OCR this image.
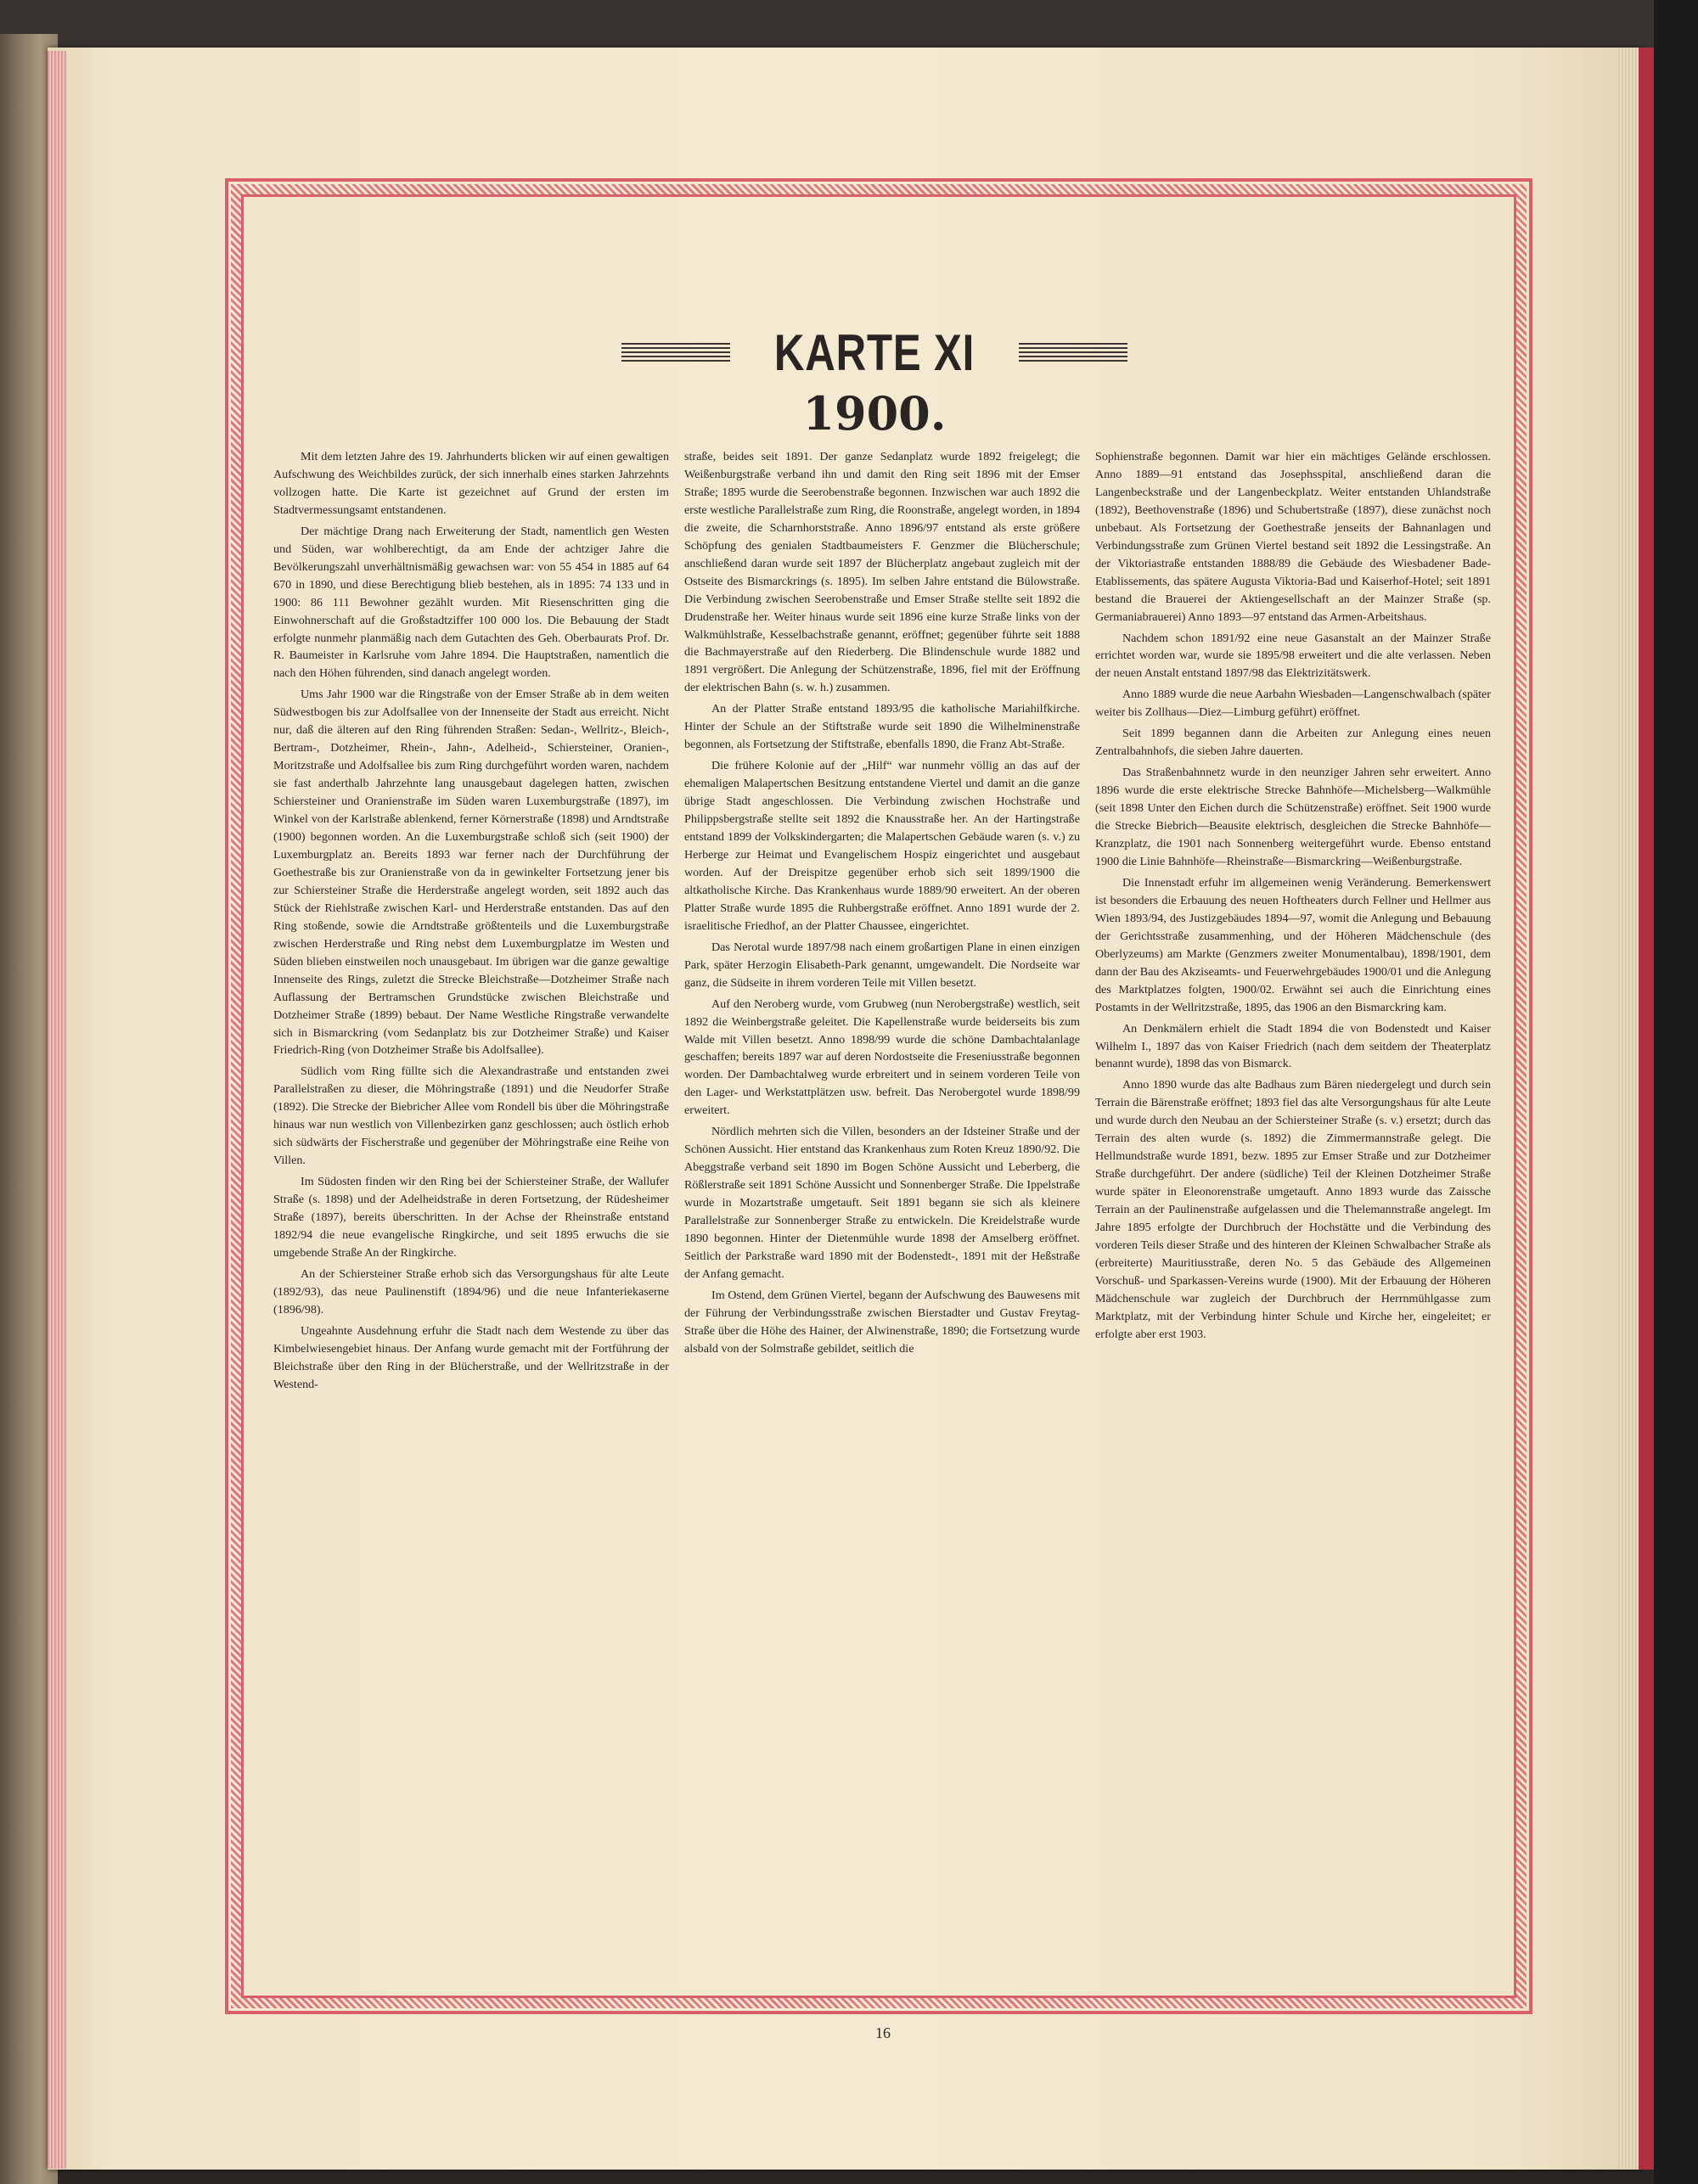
KARTE XI
1900.

Mit dem letzten Jahre des 19. Jahrhunderts blicken wir auf einen gewaltigen Aufschwung des Weichbildes zurück, der sich innerhalb eines starken Jahrzehnts vollzogen hatte. Die Karte ist gezeichnet auf Grund der ersten im Stadtvermessungsamt entstandenen.

Der mächtige Drang nach Erweiterung der Stadt, namentlich gen Westen und Süden, war wohlberechtigt, da am Ende der achtziger Jahre die Bevölkerungszahl unverhältnismäßig gewachsen war: von 55 454 in 1885 auf 64 670 in 1890, und diese Berechtigung blieb bestehen, als in 1895: 74 133 und in 1900: 86 111 Bewohner gezählt wurden. Mit Riesenschritten ging die Einwohnerschaft auf die Großstadtziffer 100 000 los. Die Bebauung der Stadt erfolgte nunmehr planmäßig nach dem Gutachten des Geh. Oberbaurats Prof. Dr. R. Baumeister in Karlsruhe vom Jahre 1894. Die Hauptstraßen, namentlich die nach den Höhen führenden, sind danach angelegt worden.

Ums Jahr 1900 war die Ringstraße von der Emser Straße ab in dem weiten Südwestbogen bis zur Adolfsallee von der Innenseite der Stadt aus erreicht. Nicht nur, daß die älteren auf den Ring führenden Straßen: Sedan-, Wellritz-, Bleich-, Bertram-, Dotzheimer, Rhein-, Jahn-, Adelheid-, Schiersteiner, Oranien-, Moritzstraße und Adolfsallee bis zum Ring durchgeführt worden waren, nachdem sie fast anderthalb Jahrzehnte lang unausgebaut dagelegen hatten, zwischen Schiersteiner und Oranienstraße im Süden waren Luxemburgstraße (1897), im Winkel von der Karlstraße ablenkend, ferner Körnerstraße (1898) und Arndtstraße (1900) begonnen worden. An die Luxemburgstraße schloß sich (seit 1900) der Luxemburgplatz an. Bereits 1893 war ferner nach der Durchführung der Goethestraße bis zur Oranienstraße von da in gewinkelter Fortsetzung jener bis zur Schiersteiner Straße die Herderstraße angelegt worden, seit 1892 auch das Stück der Riehlstraße zwischen Karl- und Herderstraße entstanden. Das auf den Ring stoßende, sowie die Arndtstraße größtenteils und die Luxemburgstraße zwischen Herderstraße und Ring nebst dem Luxemburgplatze im Westen und Süden blieben einstweilen noch unausgebaut. Im übrigen war die ganze gewaltige Innenseite des Rings, zuletzt die Strecke Bleichstraße—Dotzheimer Straße nach Auflassung der Bertramschen Grundstücke zwischen Bleichstraße und Dotzheimer Straße (1899) bebaut. Der Name Westliche Ringstraße verwandelte sich in Bismarckring (vom Sedanplatz bis zur Dotzheimer Straße) und Kaiser Friedrich-Ring (von Dotzheimer Straße bis Adolfsallee).

Südlich vom Ring füllte sich die Alexandrastraße und entstanden zwei Parallelstraßen zu dieser, die Möhringstraße (1891) und die Neudorfer Straße (1892). Die Strecke der Biebricher Allee vom Rondell bis über die Möhringstraße hinaus war nun westlich von Villenbezirken ganz geschlossen; auch östlich erhob sich südwärts der Fischerstraße und gegenüber der Möhringstraße eine Reihe von Villen.

Im Südosten finden wir den Ring bei der Schiersteiner Straße, der Wallufer Straße (s. 1898) und der Adelheidstraße in deren Fortsetzung, der Rüdesheimer Straße (1897), bereits überschritten. In der Achse der Rheinstraße entstand 1892/94 die neue evangelische Ringkirche, und seit 1895 erwuchs die sie umgebende Straße An der Ringkirche.

An der Schiersteiner Straße erhob sich das Versorgungshaus für alte Leute (1892/93), das neue Paulinenstift (1894/96) und die neue Infanteriekaserne (1896/98).

Ungeahnte Ausdehnung erfuhr die Stadt nach dem Westende zu über das Kimbelwiesengebiet hinaus. Der Anfang wurde gemacht mit der Fortführung der Bleichstraße über den Ring in der Blücherstraße, und der Wellritzstraße in der Westend-

straße, beides seit 1891. Der ganze Sedanplatz wurde 1892 freigelegt; die Weißenburgstraße verband ihn und damit den Ring seit 1896 mit der Emser Straße; 1895 wurde die Seerobenstraße begonnen. Inzwischen war auch 1892 die erste westliche Parallelstraße zum Ring, die Roonstraße, angelegt worden, in 1894 die zweite, die Scharnhorststraße. Anno 1896/97 entstand als erste größere Schöpfung des genialen Stadtbaumeisters F. Genzmer die Blücherschule; anschließend daran wurde seit 1897 der Blücherplatz angebaut zugleich mit der Ostseite des Bismarckrings (s. 1895). Im selben Jahre entstand die Bülowstraße. Die Verbindung zwischen Seerobenstraße und Emser Straße stellte seit 1892 die Drudenstraße her. Weiter hinaus wurde seit 1896 eine kurze Straße links von der Walkmühlstraße, Kesselbachstraße genannt, eröffnet; gegenüber führte seit 1888 die Bachmayerstraße auf den Riederberg. Die Blindenschule wurde 1882 und 1891 vergrößert. Die Anlegung der Schützenstraße, 1896, fiel mit der Eröffnung der elektrischen Bahn (s. w. h.) zusammen.

An der Platter Straße entstand 1893/95 die katholische Mariahilfkirche. Hinter der Schule an der Stiftstraße wurde seit 1890 die Wilhelminenstraße begonnen, als Fortsetzung der Stiftstraße, ebenfalls 1890, die Franz Abt-Straße.

Die frühere Kolonie auf der „Hilf“ war nunmehr völlig an das auf der ehemaligen Malapertschen Besitzung entstandene Viertel und damit an die ganze übrige Stadt angeschlossen. Die Verbindung zwischen Hochstraße und Philippsbergstraße stellte seit 1892 die Knausstraße her. An der Hartingstraße entstand 1899 der Volkskindergarten; die Malapertschen Gebäude waren (s. v.) zu Herberge zur Heimat und Evangelischem Hospiz eingerichtet und ausgebaut worden. Auf der Dreispitze gegenüber erhob sich seit 1899/1900 die altkatholische Kirche. Das Krankenhaus wurde 1889/90 erweitert. An der oberen Platter Straße wurde 1895 die Ruhbergstraße eröffnet. Anno 1891 wurde der 2. israelitische Friedhof, an der Platter Chaussee, eingerichtet.

Das Nerotal wurde 1897/98 nach einem großartigen Plane in einen einzigen Park, später Herzogin Elisabeth-Park genannt, umgewandelt. Die Nordseite war ganz, die Südseite in ihrem vorderen Teile mit Villen besetzt.

Auf den Neroberg wurde, vom Grubweg (nun Nerobergstraße) westlich, seit 1892 die Weinbergstraße geleitet. Die Kapellenstraße wurde beiderseits bis zum Walde mit Villen besetzt. Anno 1898/99 wurde die schöne Dambachtalanlage geschaffen; bereits 1897 war auf deren Nordostseite die Freseniusstraße begonnen worden. Der Dambachtalweg wurde erbreitert und in seinem vorderen Teile von den Lager- und Werkstattplätzen usw. befreit. Das Nerobergotel wurde 1898/99 erweitert.

Nördlich mehrten sich die Villen, besonders an der Idsteiner Straße und der Schönen Aussicht. Hier entstand das Krankenhaus zum Roten Kreuz 1890/92. Die Abeggstraße verband seit 1890 im Bogen Schöne Aussicht und Leberberg, die Rößlerstraße seit 1891 Schöne Aussicht und Sonnenberger Straße. Die Ippelstraße wurde in Mozartstraße umgetauft. Seit 1891 begann sie sich als kleinere Parallelstraße zur Sonnenberger Straße zu entwickeln. Die Kreidelstraße wurde 1890 begonnen. Hinter der Dietenmühle wurde 1898 der Amselberg eröffnet. Seitlich der Parkstraße ward 1890 mit der Bodenstedt-, 1891 mit der Heßstraße der Anfang gemacht.

Im Ostend, dem Grünen Viertel, begann der Aufschwung des Bauwesens mit der Führung der Verbindungsstraße zwischen Bierstadter und Gustav Freytag-Straße über die Höhe des Hainer, der Alwinenstraße, 1890; die Fortsetzung wurde alsbald von der Solmstraße gebildet, seitlich die

Sophienstraße begonnen. Damit war hier ein mächtiges Gelände erschlossen. Anno 1889—91 entstand das Josephsspital, anschließend daran die Langenbeckstraße und der Langenbeckplatz. Weiter entstanden Uhlandstraße (1892), Beethovenstraße (1896) und Schubertstraße (1897), diese zunächst noch unbebaut. Als Fortsetzung der Goethestraße jenseits der Bahnanlagen und Verbindungsstraße zum Grünen Viertel bestand seit 1892 die Lessingstraße. An der Viktoriastraße entstanden 1888/89 die Gebäude des Wiesbadener Bade-Etablissements, das spätere Augusta Viktoria-Bad und Kaiserhof-Hotel; seit 1891 bestand die Brauerei der Aktiengesellschaft an der Mainzer Straße (sp. Germaniabrauerei) Anno 1893—97 entstand das Armen-Arbeitshaus.

Nachdem schon 1891/92 eine neue Gasanstalt an der Mainzer Straße errichtet worden war, wurde sie 1895/98 erweitert und die alte verlassen. Neben der neuen Anstalt entstand 1897/98 das Elektrizitätswerk.

Anno 1889 wurde die neue Aarbahn Wiesbaden—Langenschwalbach (später weiter bis Zollhaus—Diez—Limburg geführt) eröffnet.

Seit 1899 begannen dann die Arbeiten zur Anlegung eines neuen Zentralbahnhofs, die sieben Jahre dauerten.

Das Straßenbahnnetz wurde in den neunziger Jahren sehr erweitert. Anno 1896 wurde die erste elektrische Strecke Bahnhöfe—Michelsberg—Walkmühle (seit 1898 Unter den Eichen durch die Schützenstraße) eröffnet. Seit 1900 wurde die Strecke Biebrich—Beausite elektrisch, desgleichen die Strecke Bahnhöfe—Kranzplatz, die 1901 nach Sonnenberg weitergeführt wurde. Ebenso entstand 1900 die Linie Bahnhöfe—Rheinstraße—Bismarckring—Weißenburgstraße.

Die Innenstadt erfuhr im allgemeinen wenig Veränderung. Bemerkenswert ist besonders die Erbauung des neuen Hoftheaters durch Fellner und Hellmer aus Wien 1893/94, des Justizgebäudes 1894—97, womit die Anlegung und Bebauung der Gerichtsstraße zusammenhing, und der Höheren Mädchenschule (des Oberlyzeums) am Markte (Genzmers zweiter Monumentalbau), 1898/1901, dem dann der Bau des Akziseamts- und Feuerwehrgebäudes 1900/01 und die Anlegung des Marktplatzes folgten, 1900/02. Erwähnt sei auch die Einrichtung eines Postamts in der Wellritzstraße, 1895, das 1906 an den Bismarckring kam.

An Denkmälern erhielt die Stadt 1894 die von Bodenstedt und Kaiser Wilhelm I., 1897 das von Kaiser Friedrich (nach dem seitdem der Theaterplatz benannt wurde), 1898 das von Bismarck.

Anno 1890 wurde das alte Badhaus zum Bären niedergelegt und durch sein Terrain die Bärenstraße eröffnet; 1893 fiel das alte Versorgungshaus für alte Leute und wurde durch den Neubau an der Schiersteiner Straße (s. v.) ersetzt; durch das Terrain des alten wurde (s. 1892) die Zimmermannstraße gelegt. Die Hellmundstraße wurde 1891, bezw. 1895 zur Emser Straße und zur Dotzheimer Straße durchgeführt. Der andere (südliche) Teil der Kleinen Dotzheimer Straße wurde später in Eleonorenstraße umgetauft. Anno 1893 wurde das Zaissche Terrain an der Paulinenstraße aufgelassen und die Thelemannstraße angelegt. Im Jahre 1895 erfolgte der Durchbruch der Hochstätte und die Verbindung des vorderen Teils dieser Straße und des hinteren der Kleinen Schwalbacher Straße als (erbreiterte) Mauritiusstraße, deren No. 5 das Gebäude des Allgemeinen Vorschuß- und Sparkassen-Vereins wurde (1900). Mit der Erbauung der Höheren Mädchenschule war zugleich der Durchbruch der Herrnmühlgasse zum Marktplatz, mit der Verbindung hinter Schule und Kirche her, eingeleitet; er erfolgte aber erst 1903.

16
